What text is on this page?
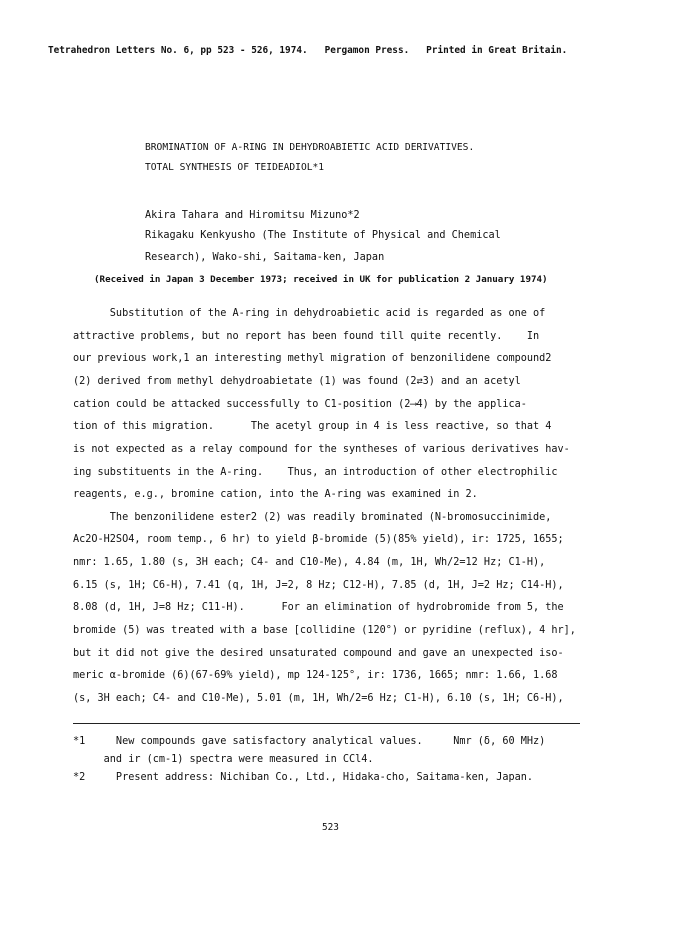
Tetrahedron Letters No. 6, pp 523 - 526, 1974.   Pergamon Press.   Printed in Great Britain.
BROMINATION OF A-RING IN DEHYDROABIETIC ACID DERIVATIVES.
TOTAL SYNTHESIS OF TEIDEADIOL*1
Akira Tahara and Hiromitsu Mizuno*2
Rikagaku Kenkyusho (The Institute of Physical and Chemical
Research), Wako-shi, Saitama-ken, Japan
(Received in Japan 3 December 1973; received in UK for publication 2 January 1974)
Substitution of the A-ring in dehydroabietic acid is regarded as one of
attractive problems, but no report has been found till quite recently.    In
our previous work,1 an interesting methyl migration of benzonilidene compound2
(2) derived from methyl dehydroabietate (1) was found (2⇄3) and an acetyl
cation could be attacked successfully to C1-position (2⟶4) by the applica-
tion of this migration.      The acetyl group in 4 is less reactive, so that 4
is not expected as a relay compound for the syntheses of various derivatives hav-
ing substituents in the A-ring.    Thus, an introduction of other electrophilic
reagents, e.g., bromine cation, into the A-ring was examined in 2.
The benzonilidene ester2 (2) was readily brominated (N-bromosuccinimide,
Ac2O-H2SO4, room temp., 6 hr) to yield β-bromide (5)(85% yield), ir: 1725, 1655;
nmr: 1.65, 1.80 (s, 3H each; C4- and C10-Me), 4.84 (m, 1H, Wh/2=12 Hz; C1-H),
6.15 (s, 1H; C6-H), 7.41 (q, 1H, J=2, 8 Hz; C12-H), 7.85 (d, 1H, J=2 Hz; C14-H),
8.08 (d, 1H, J=8 Hz; C11-H).      For an elimination of hydrobromide from 5, the
bromide (5) was treated with a base [collidine (120°) or pyridine (reflux), 4 hr],
but it did not give the desired unsaturated compound and gave an unexpected iso-
meric α-bromide (6)(67-69% yield), mp 124-125°, ir: 1736, 1665; nmr: 1.66, 1.68
(s, 3H each; C4- and C10-Me), 5.01 (m, 1H, Wh/2=6 Hz; C1-H), 6.10 (s, 1H; C6-H),
*1     New compounds gave satisfactory analytical values.     Nmr (δ, 60 MHz)
and ir (cm-1) spectra were measured in CCl4.
*2     Present address: Nichiban Co., Ltd., Hidaka-cho, Saitama-ken, Japan.
523
